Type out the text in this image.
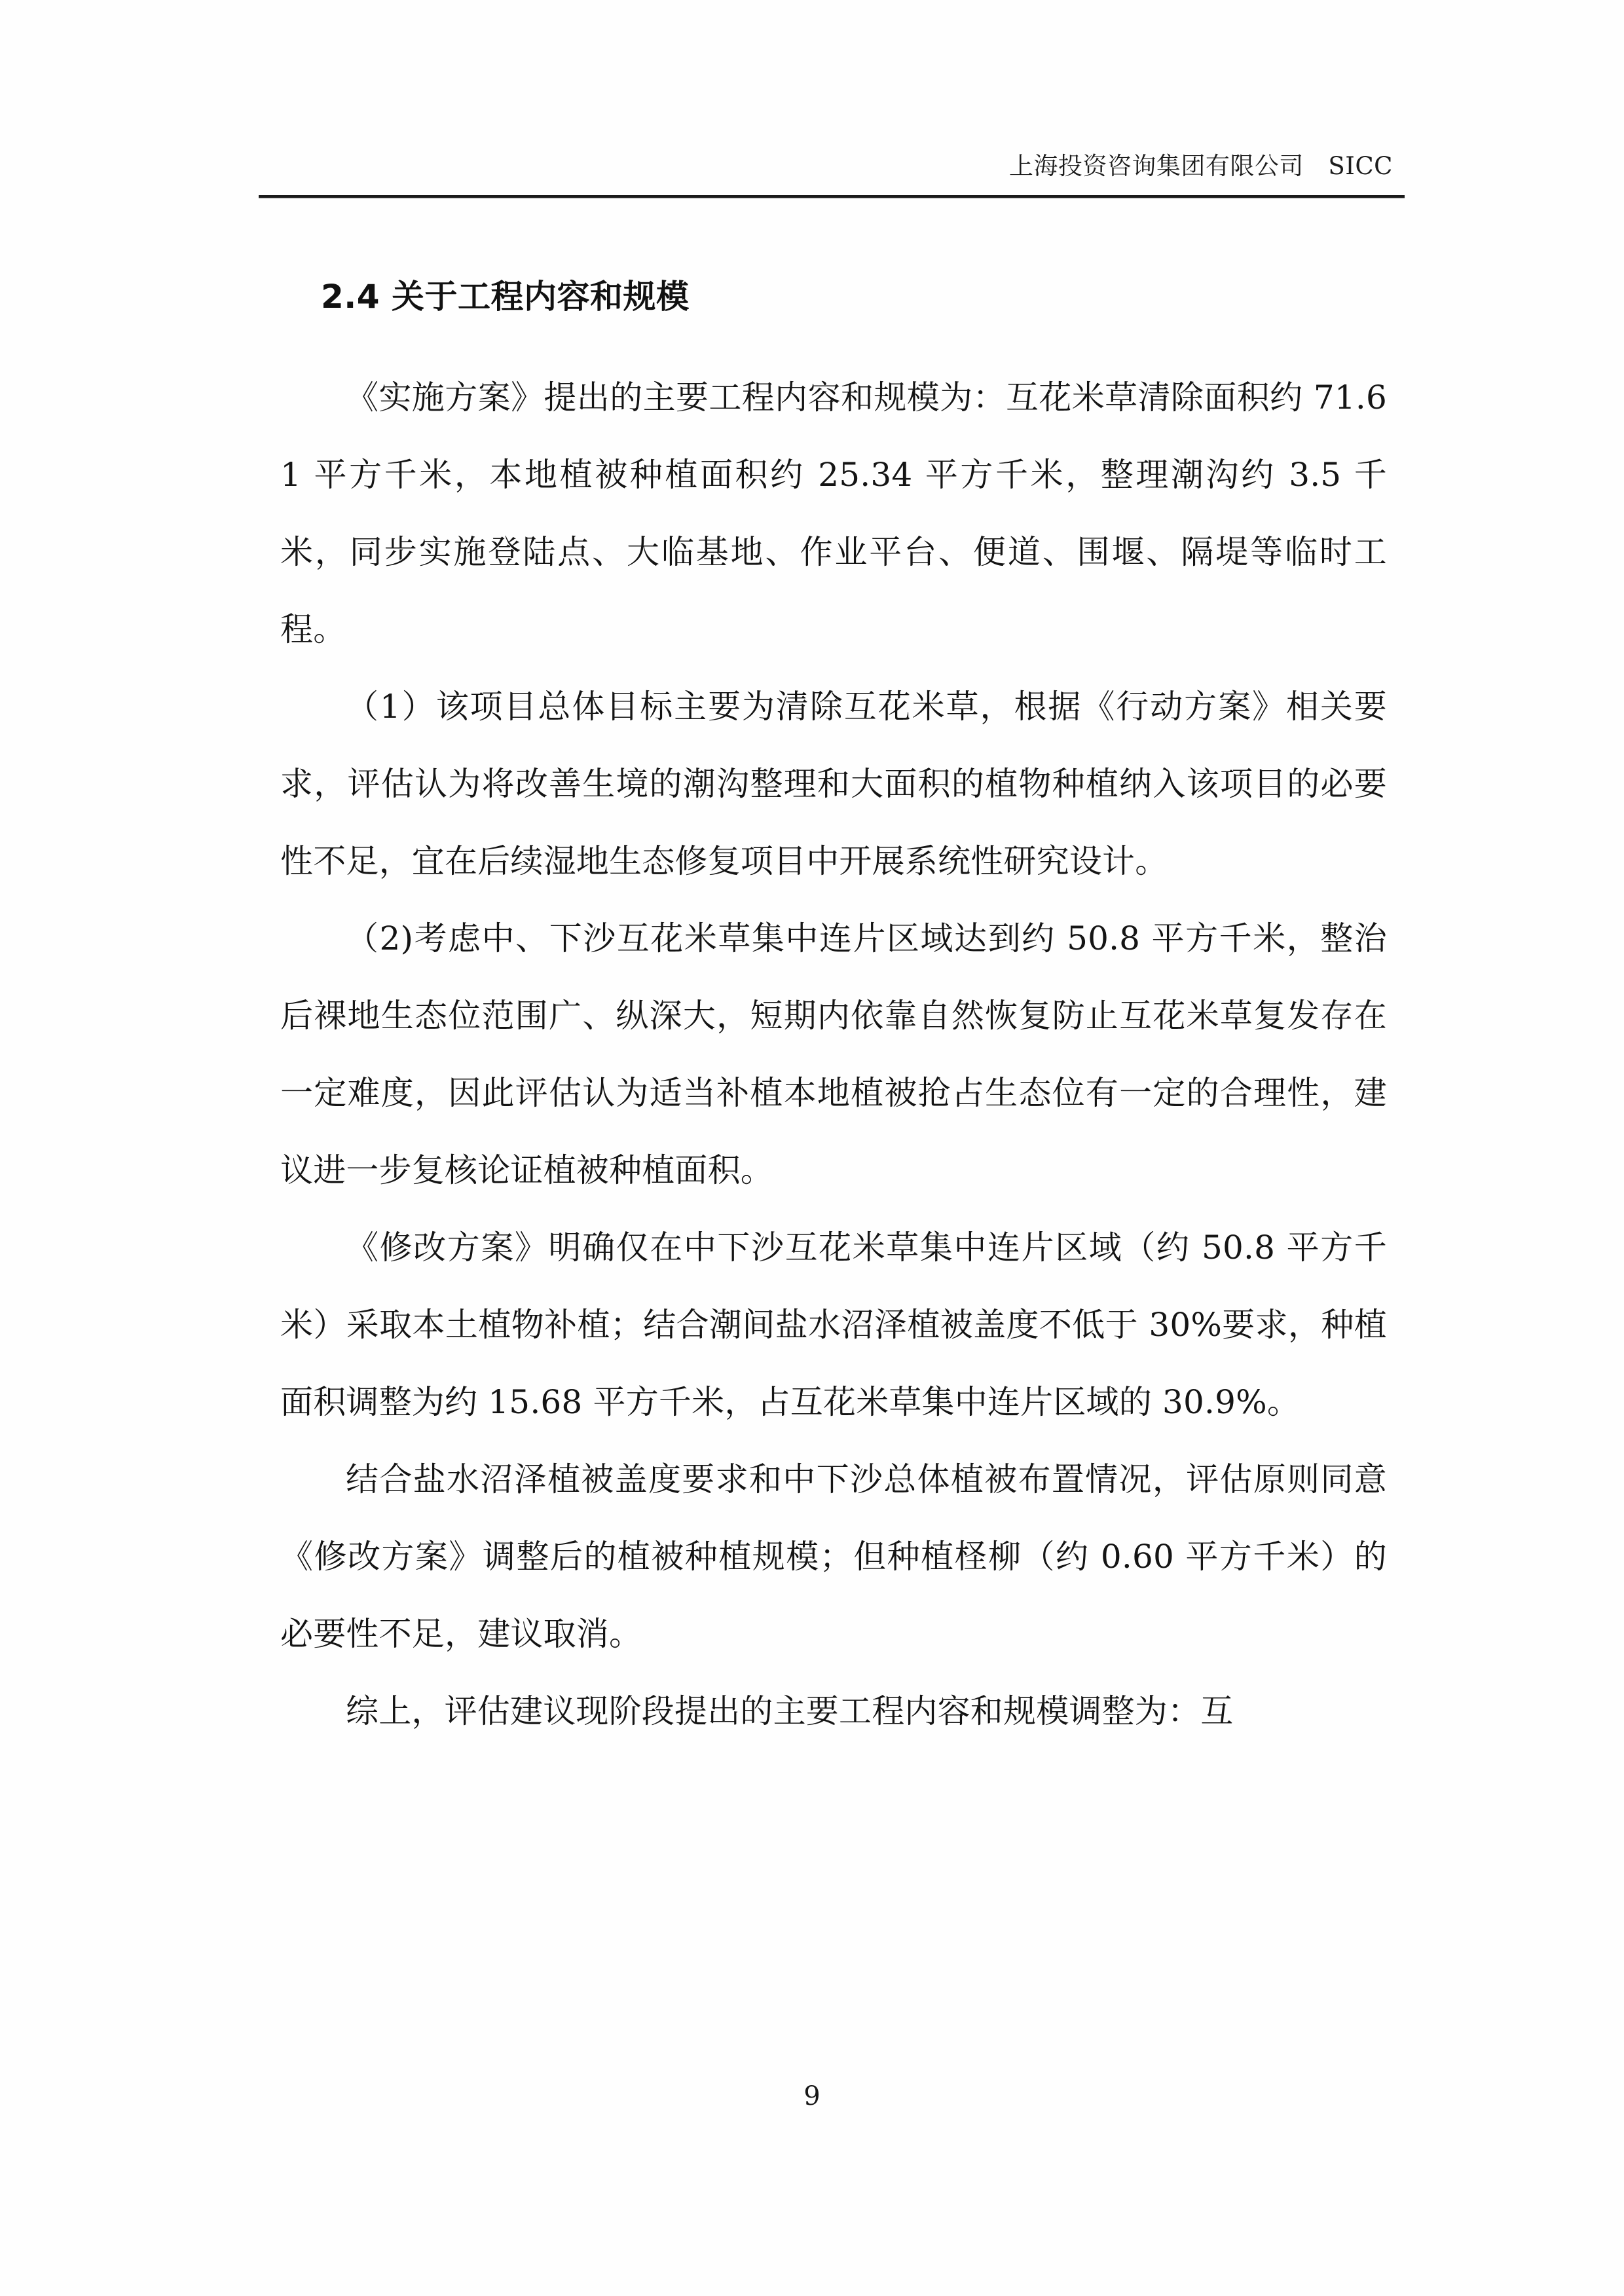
上海投资咨询集团有限公司　SICC
2.4 关于工程内容和规模

《实施方案》提出的主要工程内容和规模为：互花米草清除面积约 71.61 平方千米，本地植被种植面积约 25.34 平方千米，整理潮沟约 3.5 千米，同步实施登陆点、大临基地、作业平台、便道、围堰、隔堤等临时工程。

（1）该项目总体目标主要为清除互花米草，根据《行动方案》相关要求，评估认为将改善生境的潮沟整理和大面积的植物种植纳入该项目的必要性不足，宜在后续湿地生态修复项目中开展系统性研究设计。

（2)考虑中、下沙互花米草集中连片区域达到约 50.8 平方千米，整治后裸地生态位范围广、纵深大，短期内依靠自然恢复防止互花米草复发存在一定难度，因此评估认为适当补植本地植被抢占生态位有一定的合理性，建议进一步复核论证植被种植面积。

《修改方案》明确仅在中下沙互花米草集中连片区域（约 50.8 平方千米）采取本土植物补植；结合潮间盐水沼泽植被盖度不低于 30%要求，种植面积调整为约 15.68 平方千米，占互花米草集中连片区域的 30.9%。

结合盐水沼泽植被盖度要求和中下沙总体植被布置情况，评估原则同意《修改方案》调整后的植被种植规模；但种植柽柳（约 0.60 平方千米）的必要性不足，建议取消。

综上，评估建议现阶段提出的主要工程内容和规模调整为：互

9
